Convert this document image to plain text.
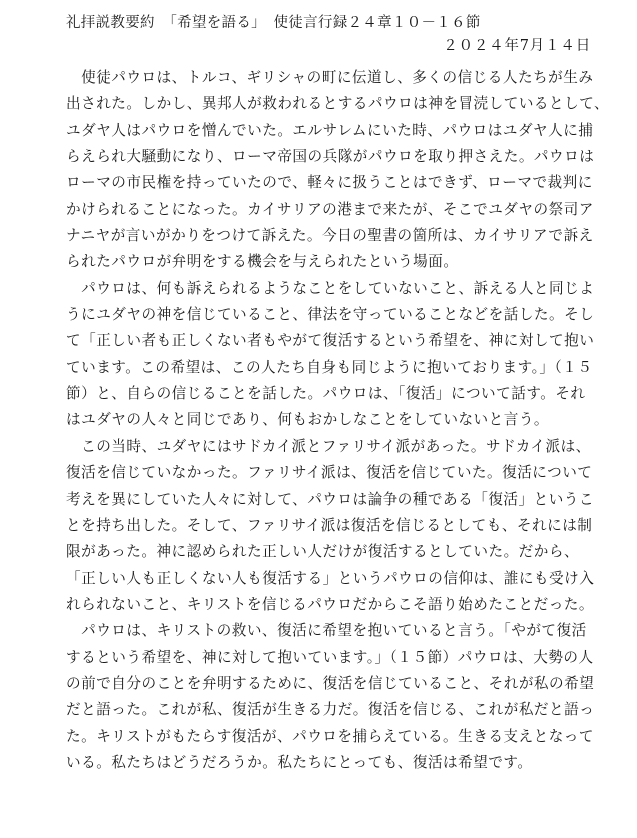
礼拝説教要約　「希望を語る」　使徒言行録２４章１０－１６節
２０２４年7月１４日
　使徒パウロは、トルコ、ギリシャの町に伝道し、多くの信じる人たちが生み
出された。しかし、異邦人が救われるとするパウロは神を冒涜しているとして、
ユダヤ人はパウロを憎んでいた。エルサレムにいた時、パウロはユダヤ人に捕
らえられ大騒動になり、ローマ帝国の兵隊がパウロを取り押さえた。パウロは
ローマの市民権を持っていたので、軽々に扱うことはできず、ローマで裁判に
かけられることになった。カイサリアの港まで来たが、そこでユダヤの祭司ア
ナニヤが言いがかりをつけて訴えた。今日の聖書の箇所は、カイサリアで訴え
られたパウロが弁明をする機会を与えられたという場面。
　パウロは、何も訴えられるようなことをしていないこと、訴える人と同じよ
うにユダヤの神を信じていること、律法を守っていることなどを話した。そし
て「正しい者も正しくない者もやがて復活するという希望を、神に対して抱い
ています。この希望は、この人たち自身も同じように抱いております。」（１５
節）と、自らの信じることを話した。パウロは、「復活」について話す。それ
はユダヤの人々と同じであり、何もおかしなことをしていないと言う。
　この当時、ユダヤにはサドカイ派とファリサイ派があった。サドカイ派は、
復活を信じていなかった。ファリサイ派は、復活を信じていた。復活について
考えを異にしていた人々に対して、パウロは論争の種である「復活」というこ
とを持ち出した。そして、ファリサイ派は復活を信じるとしても、それには制
限があった。神に認められた正しい人だけが復活するとしていた。だから、
「正しい人も正しくない人も復活する」というパウロの信仰は、誰にも受け入
れられないこと、キリストを信じるパウロだからこそ語り始めたことだった。
　パウロは、キリストの救い、復活に希望を抱いていると言う。「やがて復活
するという希望を、神に対して抱いています。」（１５節）パウロは、大勢の人
の前で自分のことを弁明するために、復活を信じていること、それが私の希望
だと語った。これが私、復活が生きる力だ。復活を信じる、これが私だと語っ
た。キリストがもたらす復活が、パウロを捕らえている。生きる支えとなって
いる。私たちはどうだろうか。私たちにとっても、復活は希望です。
